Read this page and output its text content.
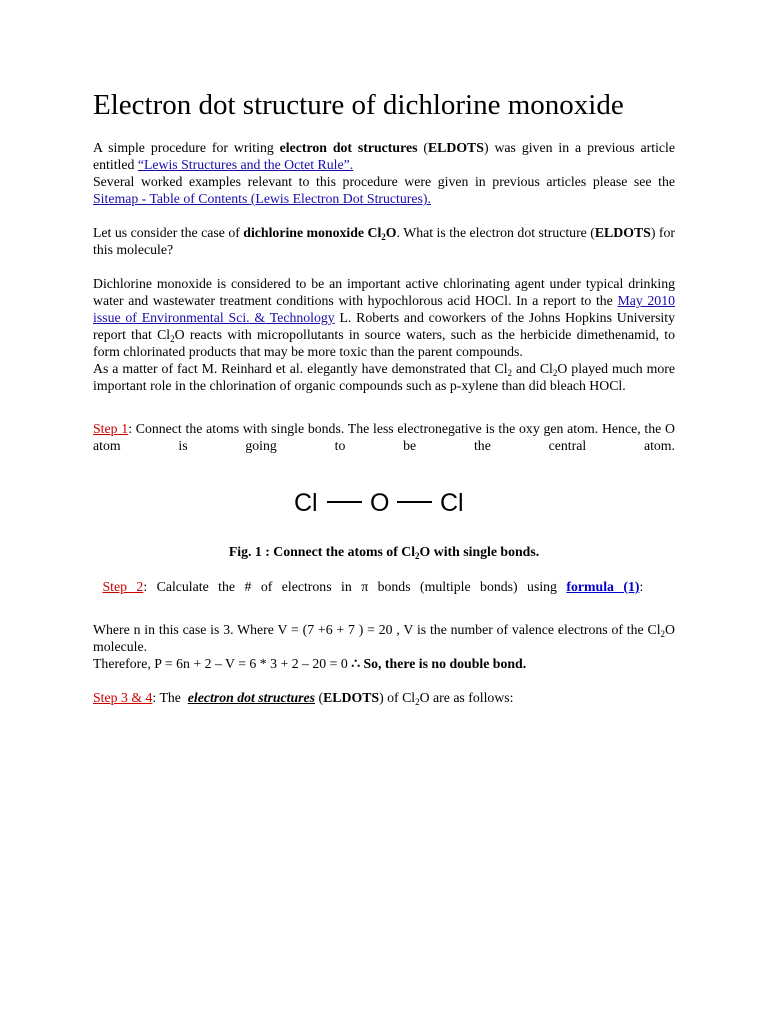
Electron dot structure of dichlorine monoxide

A simple procedure for writing electron dot structures (ELDOTS) was given in a previous article entitled “Lewis Structures and the Octet Rule”.

Several worked examples relevant to this procedure were given in previous articles please see the Sitemap - Table of Contents (Lewis Electron Dot Structures).

Let us consider the case of dichlorine monoxide $Cl_2O$. What is the electron dot structure (ELDOTS) for this molecule?

Dichlorine monoxide is considered to be an important active chlorinating agent under typical drinking water and wastewater treatment conditions with hypochlorous acid HOCl. In a report to the May 2010 issue of Environmental Sci. & Technology L. Roberts and coworkers of the Johns Hopkins University report that $Cl_2O$ reacts with micropollutants in source waters, such as the herbicide dimethenamid, to form chlorinated products that may be more toxic than the parent compounds.

As a matter of fact M. Reinhard et al. elegantly have demonstrated that $Cl_2$ and $Cl_2O$ played much more important role in the chlorination of organic compounds such as p-xylene than did bleach HOCl.

Step 1: Connect the atoms with single bonds. The less electronegative is the oxy gen atom. Hence, the O atom is going to be the central atom.

Cl O Cl

Fig. 1 : Connect the atoms of $Cl_2O$ with single bonds.

Step 2: Calculate the # of electrons in π bonds (multiple bonds) using formula (1):

Where n in this case is 3. Where V = (7 +6 + 7 ) = 20 , V is the number of valence electrons of the $Cl_2O$ molecule.

Therefore, P = 6n + 2 – V = 6 * 3 + 2 – 20 = 0 ∴ So, there is no double bond.

Step 3 & 4: The  electron dot structures (ELDOTS) of $Cl_2O$ are as follows:
